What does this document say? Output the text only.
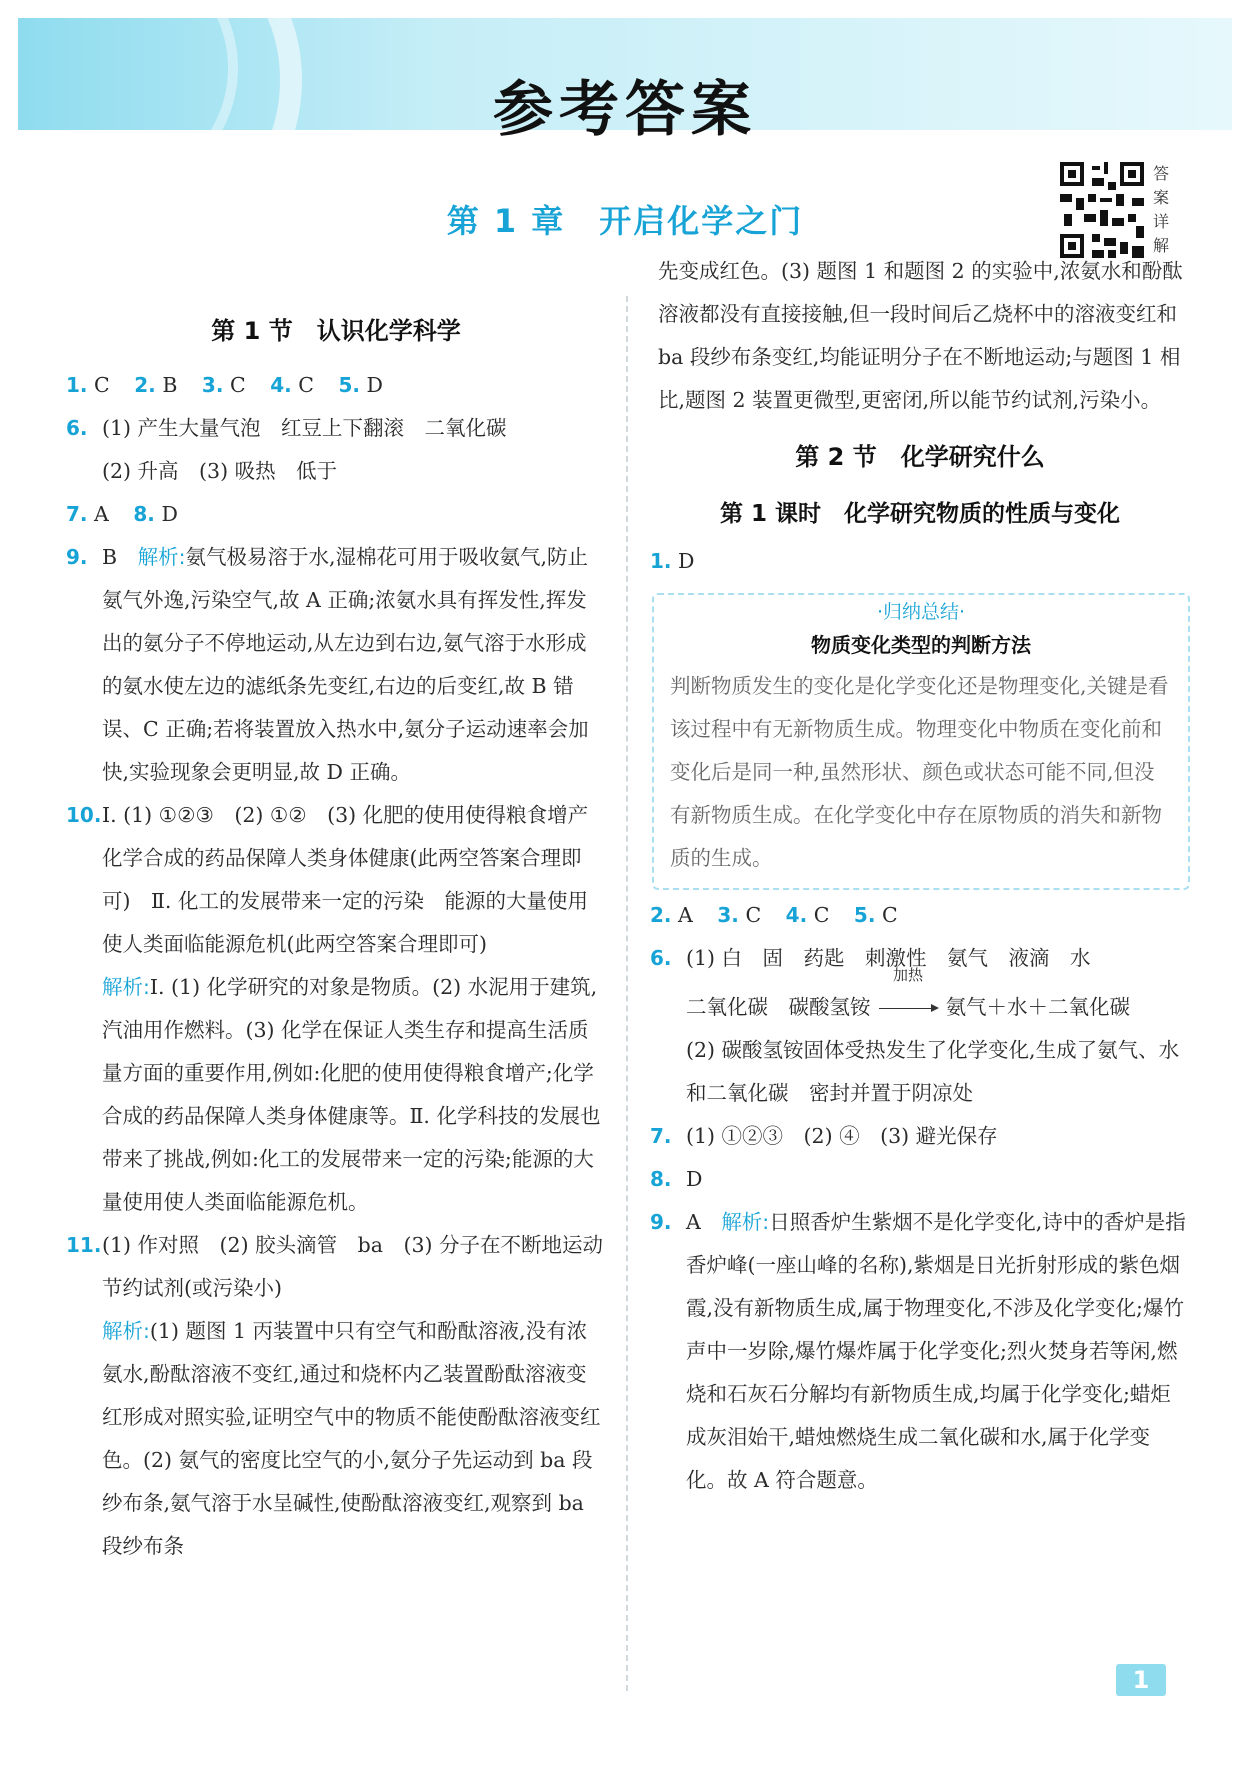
参考答案
第 1 章　开启化学之门
答
案
详
解
第 1 节　认识化学科学
1. C 2. B 3. C 4. C 5. D
6. (1) 产生大量气泡　红豆上下翻滚　二氧化碳
(2) 升高　(3) 吸热　低于
7. A 8. D
9. B　 解析:氨气极易溶于水,湿棉花可用于吸收氨气,防止氨气外逸,污染空气,故 A 正确;浓氨水具有挥发性,挥发出的氨分子不停地运动,从左边到右边,氨气溶于水形成的氨水使左边的滤纸条先变红,右边的后变红,故 B 错误、C 正确;若将装置放入热水中,氨分子运动速率会加快,实验现象会更明显,故 D 正确。
10. Ⅰ. (1) ①②③　(2) ①②　(3) 化肥的使用使得粮食增产　化学合成的药品保障人类身体健康(此两空答案合理即可)　Ⅱ. 化工的发展带来一定的污染　能源的大量使用使人类面临能源危机(此两空答案合理即可)
解析:Ⅰ. (1) 化学研究的对象是物质。(2) 水泥用于建筑,汽油用作燃料。(3) 化学在保证人类生存和提高生活质量方面的重要作用,例如:化肥的使用使得粮食增产;化学合成的药品保障人类身体健康等。Ⅱ. 化学科技的发展也带来了挑战,例如:化工的发展带来一定的污染;能源的大量使用使人类面临能源危机。
11. (1) 作对照　(2) 胶头滴管　ba　(3) 分子在不断地运动　节约试剂(或污染小)
解析:(1) 题图 1 丙装置中只有空气和酚酞溶液,没有浓氨水,酚酞溶液不变红,通过和烧杯内乙装置酚酞溶液变红形成对照实验,证明空气中的物质不能使酚酞溶液变红色。(2) 氨气的密度比空气的小,氨分子先运动到 ba 段纱布条,氨气溶于水呈碱性,使酚酞溶液变红,观察到 ba 段纱布条
先变成红色。(3) 题图 1 和题图 2 的实验中,浓氨水和酚酞溶液都没有直接接触,但一段时间后乙烧杯中的溶液变红和 ba 段纱布条变红,均能证明分子在不断地运动;与题图 1 相比,题图 2 装置更微型,更密闭,所以能节约试剂,污染小。
第 2 节　化学研究什么
第 1 课时　化学研究物质的性质与变化
1. D
·归纳总结·
物质变化类型的判断方法
判断物质发生的变化是化学变化还是物理变化,关键是看该过程中有无新物质生成。物理变化中物质在变化前和变化后是同一种,虽然形状、颜色或状态可能不同,但没有新物质生成。在化学变化中存在原物质的消失和新物质的生成。
2. A 3. C 4. C 5. C
6. (1) 白　固　药匙　刺激性　氨气　液滴　水
二氧化碳　碳酸氢铵
加热
氨气＋水＋二氧化碳
(2) 碳酸氢铵固体受热发生了化学变化,生成了氨气、水和二氧化碳　密封并置于阴凉处
7. (1) ①②③　(2) ④　(3) 避光保存
8. D
9. A　 解析:日照香炉生紫烟不是化学变化,诗中的香炉是指香炉峰(一座山峰的名称),紫烟是日光折射形成的紫色烟霞,没有新物质生成,属于物理变化,不涉及化学变化;爆竹声中一岁除,爆竹爆炸属于化学变化;烈火焚身若等闲,燃烧和石灰石分解均有新物质生成,均属于化学变化;蜡炬成灰泪始干,蜡烛燃烧生成二氧化碳和水,属于化学变化。故 A 符合题意。
1
